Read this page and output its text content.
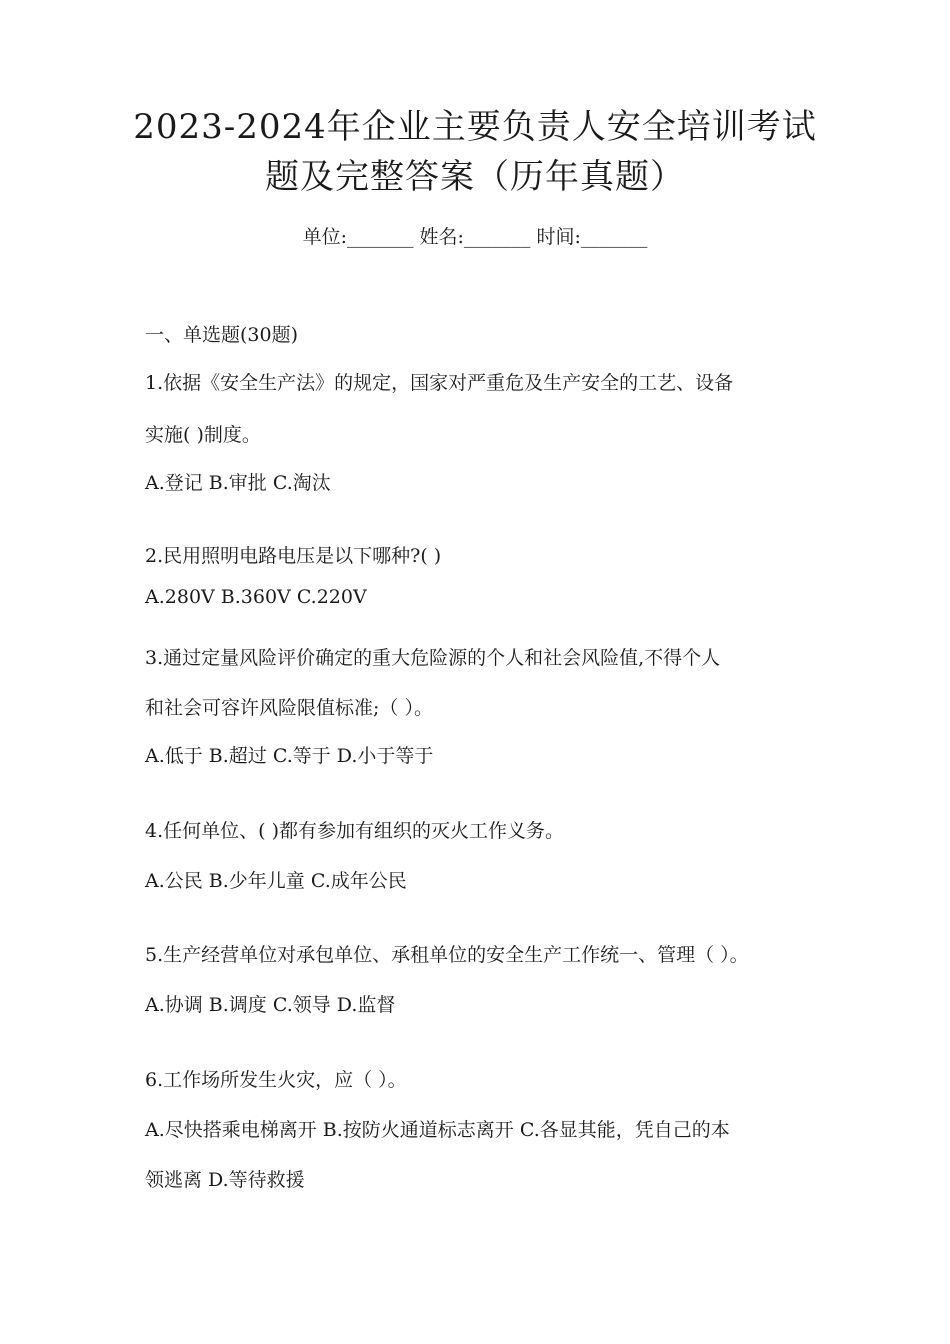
2023-2024年企业主要负责人安全培训考试
题及完整答案（历年真题）
单位:_______ 姓名:_______ 时间:_______
一、单选题(30题)
1.依据《安全生产法》的规定，国家对严重危及生产安全的工艺、设备
实施( )制度。
A.登记 B.审批 C.淘汰
2.民用照明电路电压是以下哪种?( )
A.280V B.360V C.220V
3.通过定量风险评价确定的重大危险源的个人和社会风险值,不得个人
和社会可容许风险限值标准;（ ）。
A.低于 B.超过 C.等于 D.小于等于
4.任何单位、( )都有参加有组织的灭火工作义务。
A.公民 B.少年儿童 C.成年公民
5.生产经营单位对承包单位、承租单位的安全生产工作统一、管理（ ）。
A.协调 B.调度 C.领导 D.监督
6.工作场所发生火灾，应（ ）。
A.尽快搭乘电梯离开 B.按防火通道标志离开 C.各显其能，凭自己的本
领逃离 D.等待救援
